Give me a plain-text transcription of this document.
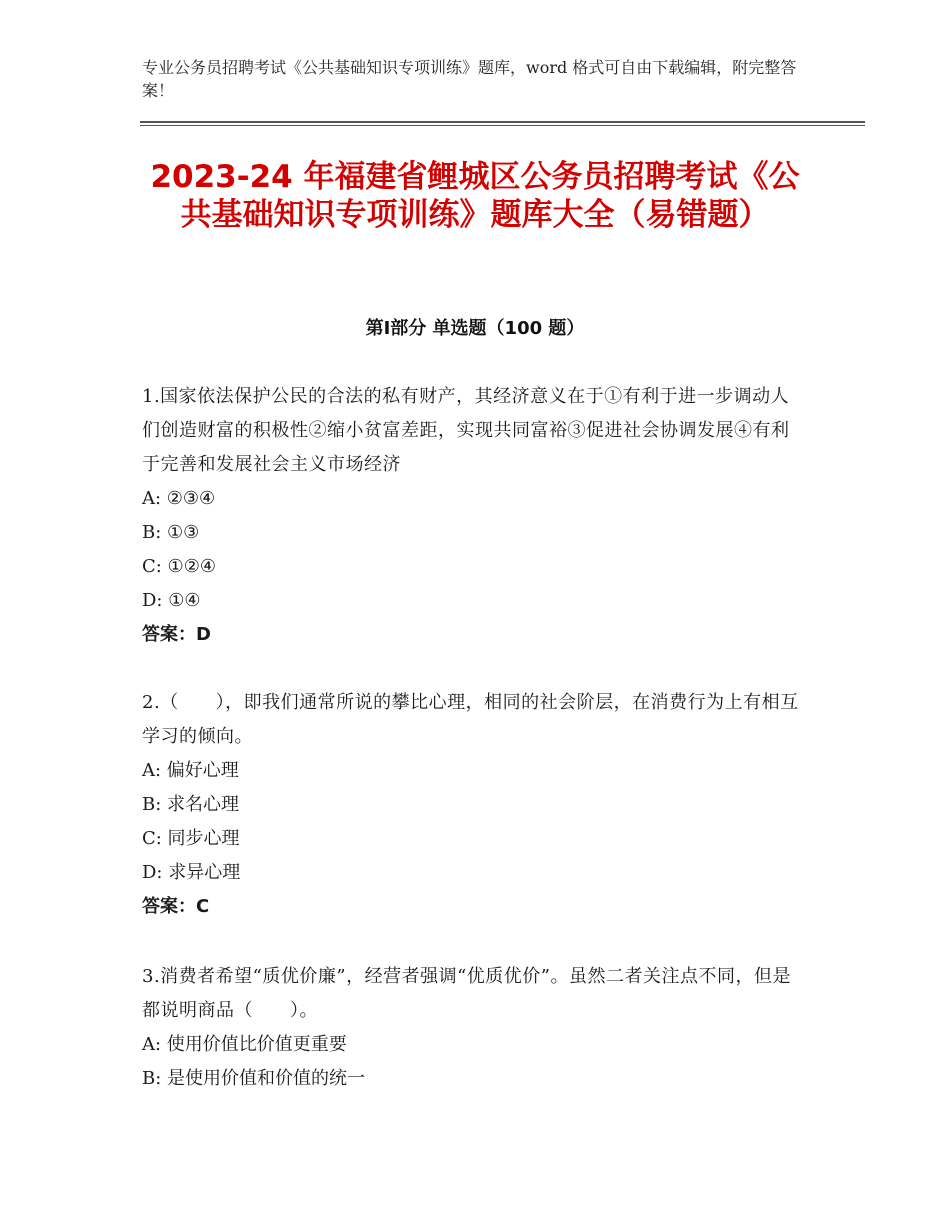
专业公务员招聘考试《公共基础知识专项训练》题库，word 格式可自由下载编辑，附完整答案！
2023-24 年福建省鲤城区公务员招聘考试《公共基础知识专项训练》题库大全（易错题）
第Ⅰ部分 单选题（100 题）

1.国家依法保护公民的合法的私有财产，其经济意义在于①有利于进一步调动人们创造财富的积极性②缩小贫富差距，实现共同富裕③促进社会协调发展④有利于完善和发展社会主义市场经济

A: ②③④

B: ①③

C: ①②④

D: ①④

答案：D

2.（　　），即我们通常所说的攀比心理，相同的社会阶层，在消费行为上有相互学习的倾向。

A: 偏好心理

B: 求名心理

C: 同步心理

D: 求异心理

答案：C

3.消费者希望“质优价廉”，经营者强调“优质优价”。虽然二者关注点不同，但是都说明商品（　　）。

A: 使用价值比价值更重要

B: 是使用价值和价值的统一
